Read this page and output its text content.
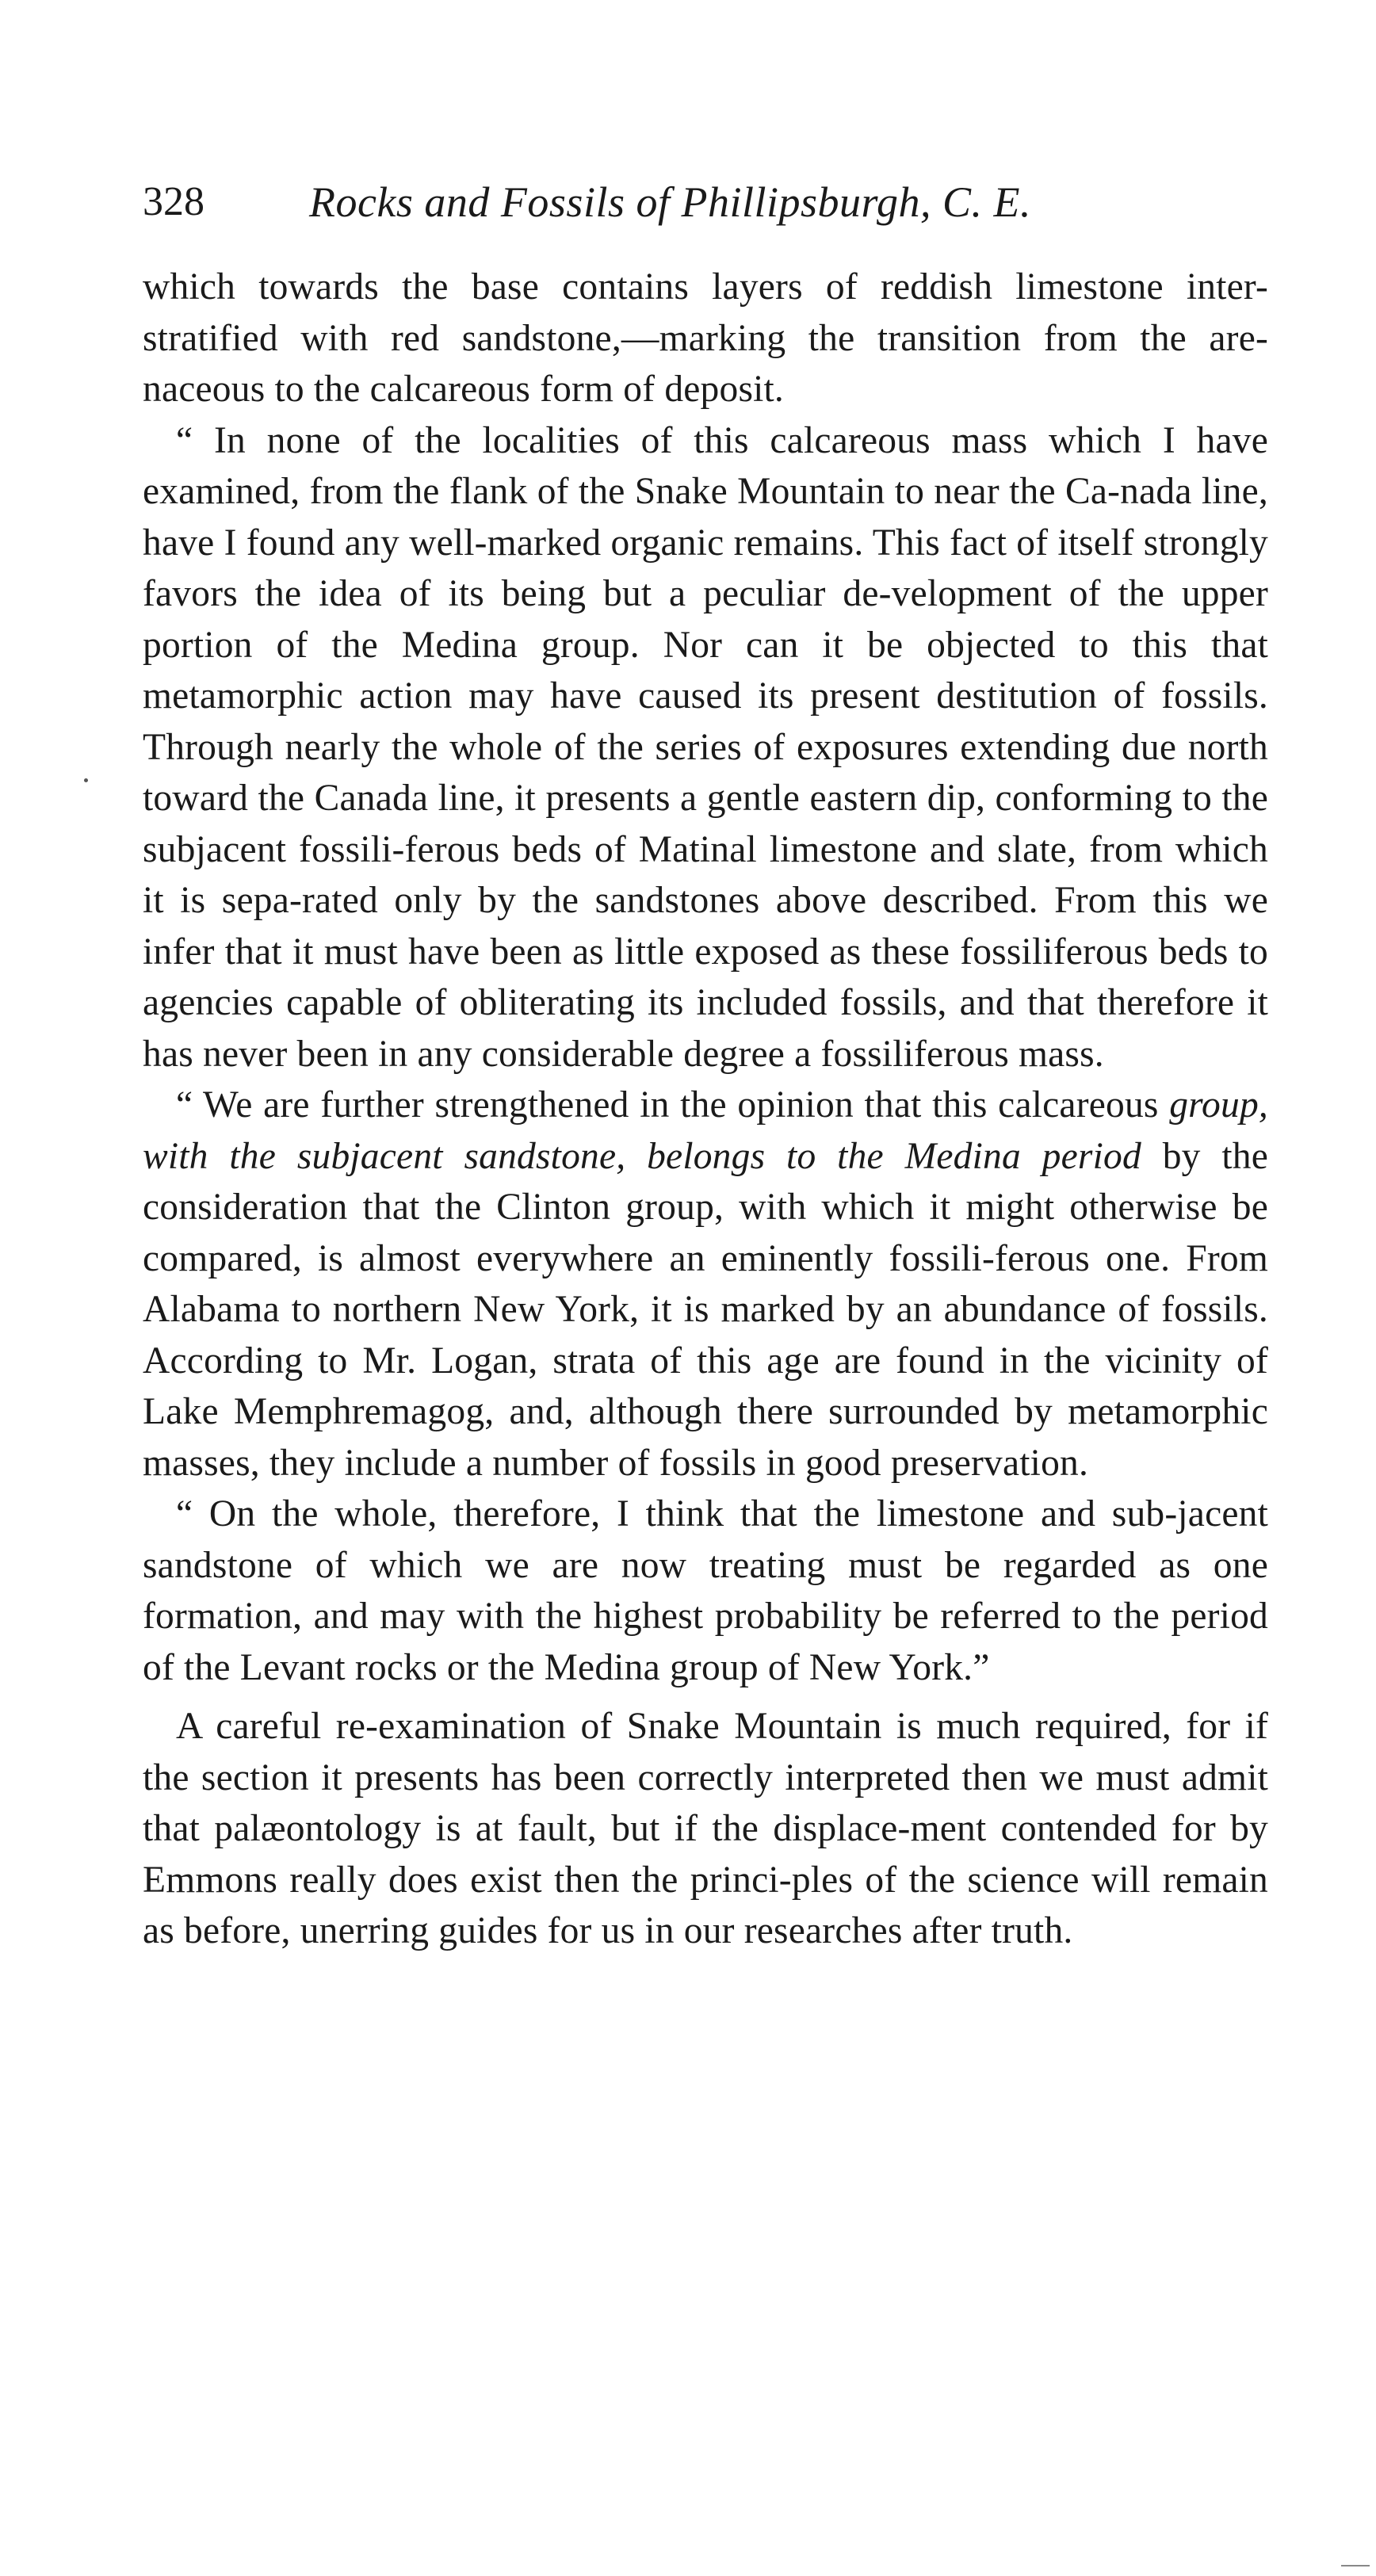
328 Rocks and Fossils of Phillipsburgh, C. E.

which towards the base contains layers of reddish limestone inter-stratified with red sandstone,—marking the transition from the are-naceous to the calcareous form of deposit.

“ In none of the localities of this calcareous mass which I have examined, from the flank of the Snake Mountain to near the Ca-nada line, have I found any well-marked organic remains. This fact of itself strongly favors the idea of its being but a peculiar de-velopment of the upper portion of the Medina group. Nor can it be objected to this that metamorphic action may have caused its present destitution of fossils. Through nearly the whole of the series of exposures extending due north toward the Canada line, it presents a gentle eastern dip, conforming to the subjacent fossili-ferous beds of Matinal limestone and slate, from which it is sepa-rated only by the sandstones above described. From this we infer that it must have been as little exposed as these fossiliferous beds to agencies capable of obliterating its included fossils, and that therefore it has never been in any considerable degree a fossiliferous mass.

“ We are further strengthened in the opinion that this calcareous group, with the subjacent sandstone, belongs to the Medina period by the consideration that the Clinton group, with which it might otherwise be compared, is almost everywhere an eminently fossili-ferous one. From Alabama to northern New York, it is marked by an abundance of fossils. According to Mr. Logan, strata of this age are found in the vicinity of Lake Memphremagog, and, although there surrounded by metamorphic masses, they include a number of fossils in good preservation.

“ On the whole, therefore, I think that the limestone and sub-jacent sandstone of which we are now treating must be regarded as one formation, and may with the highest probability be referred to the period of the Levant rocks or the Medina group of New York.”

A careful re-examination of Snake Mountain is much required, for if the section it presents has been correctly interpreted then we must admit that palæontology is at fault, but if the displace-ment contended for by Emmons really does exist then the princi-ples of the science will remain as before, unerring guides for us in our researches after truth.
